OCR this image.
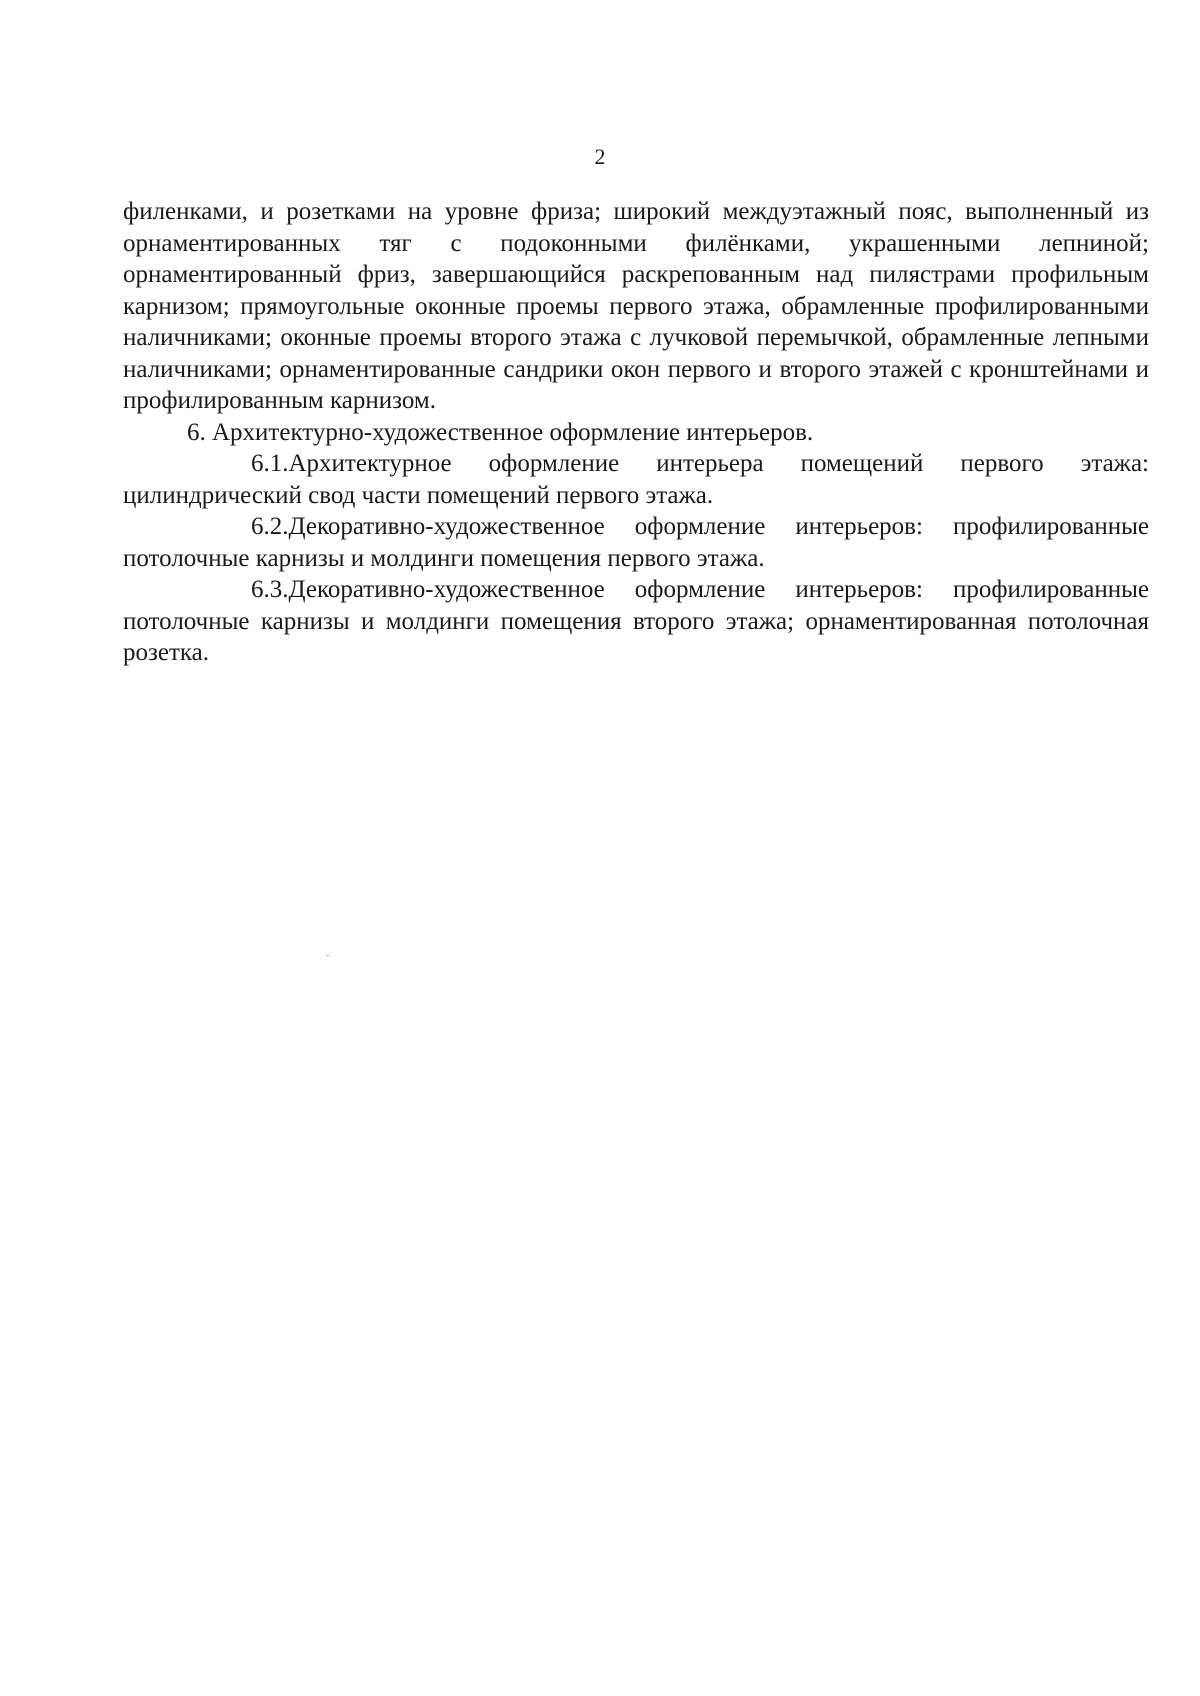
2

филенками, и розетками на уровне фриза; широкий междуэтажный пояс, выполненный из орнаментированных тяг с подоконными филёнками, украшенными лепниной; орнаментированный фриз, завершающийся раскрепованным над пилястрами профильным карнизом; прямоугольные оконные проемы первого этажа, обрамленные профилированными наличниками; оконные проемы второго этажа с лучковой перемычкой, обрамленные лепными наличниками; орнаментированные сандрики окон первого и второго этажей с кронштейнами и профилированным карнизом.

6. Архитектурно-художественное оформление интерьеров.

6.1.Архитектурное оформление интерьера помещений первого этажа: цилиндрический свод части помещений первого этажа.

6.2.Декоративно-художественное оформление интерьеров: профилированные потолочные карнизы и молдинги помещения первого этажа.

6.3.Декоративно-художественное оформление интерьеров: профилированные потолочные карнизы и молдинги помещения второго этажа; орнаментированная потолочная розетка.
